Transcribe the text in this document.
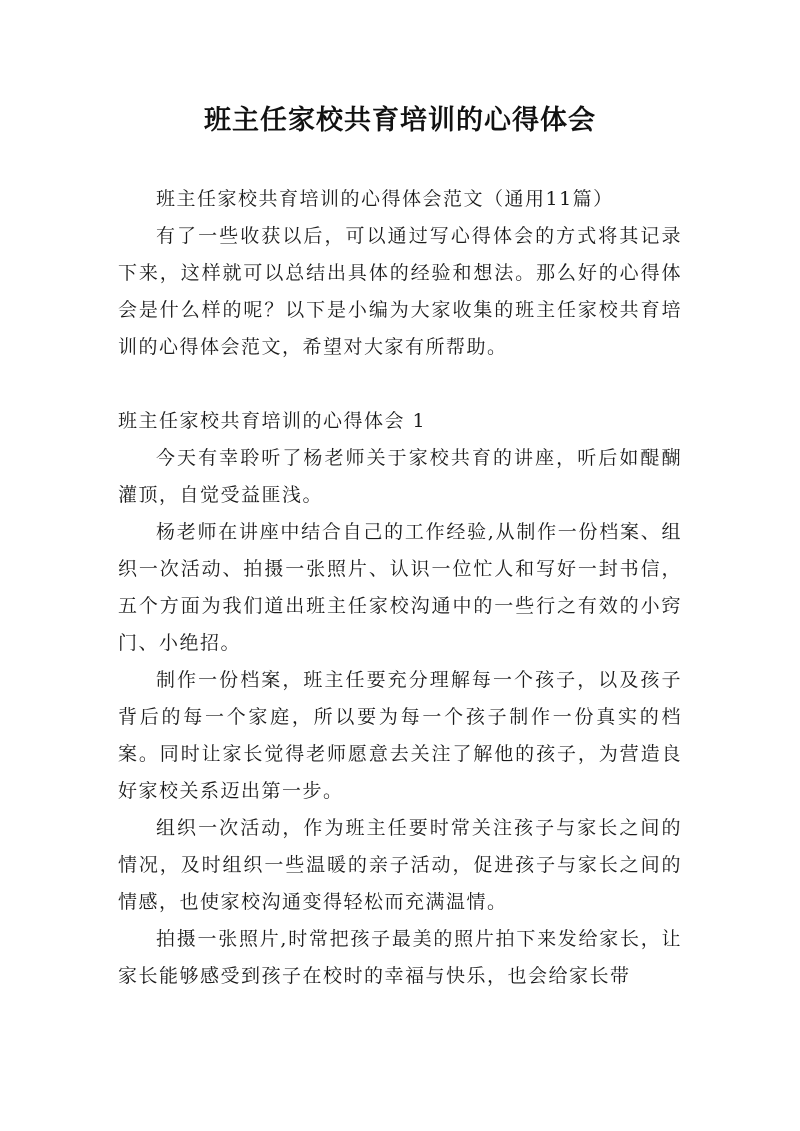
班主任家校共育培训的心得体会

班主任家校共育培训的心得体会范文（通用11篇）

有了一些收获以后，可以通过写心得体会的方式将其记录下来，这样就可以总结出具体的经验和想法。那么好的心得体会是什么样的呢？以下是小编为大家收集的班主任家校共育培训的心得体会范文，希望对大家有所帮助。

班主任家校共育培训的心得体会 1

今天有幸聆听了杨老师关于家校共育的讲座，听后如醍醐灌顶，自觉受益匪浅。

杨老师在讲座中结合自己的工作经验,从制作一份档案、组织一次活动、拍摄一张照片、认识一位忙人和写好一封书信，五个方面为我们道出班主任家校沟通中的一些行之有效的小窍门、小绝招。

制作一份档案，班主任要充分理解每一个孩子，以及孩子背后的每一个家庭，所以要为每一个孩子制作一份真实的档案。同时让家长觉得老师愿意去关注了解他的孩子，为营造良好家校关系迈出第一步。

组织一次活动，作为班主任要时常关注孩子与家长之间的情况，及时组织一些温暖的亲子活动，促进孩子与家长之间的情感，也使家校沟通变得轻松而充满温情。

拍摄一张照片,时常把孩子最美的照片拍下来发给家长，让家长能够感受到孩子在校时的幸福与快乐，也会给家长带
